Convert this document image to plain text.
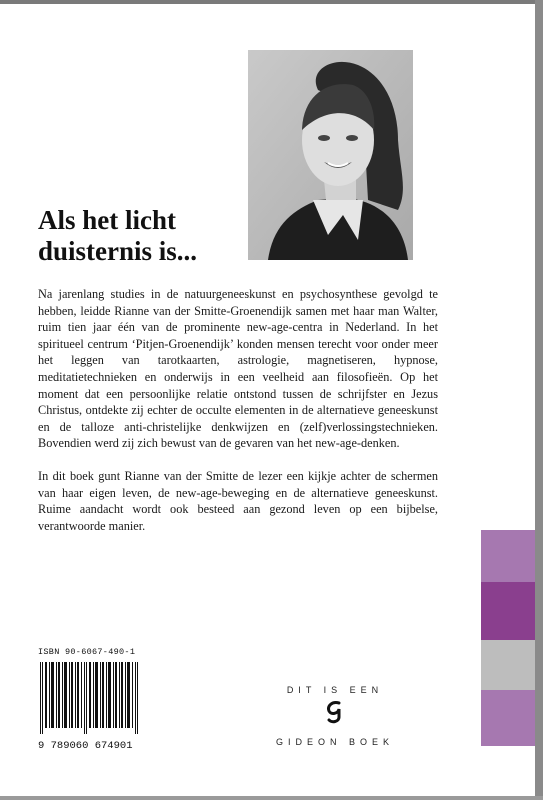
Als het licht
duisternis is...

Na jarenlang studies in de natuurgeneeskunst en psychosynthese gevolgd te hebben, leidde Rianne van der Smitte-Groenendijk samen met haar man Walter, ruim tien jaar één van de prominente new-age-centra in Nederland. In het spiritueel centrum ‘Pitjen-Groenendijk’ konden mensen terecht voor onder meer het leggen van tarotkaarten, astrologie, magnetiseren, hypnose, meditatietechnieken en onderwijs in een veelheid aan filosofieën. Op het moment dat een persoonlijke relatie ontstond tussen de schrijfster en Jezus Christus, ontdekte zij echter de occulte elementen in de alternatieve geneeskunst en de talloze anti-christelijke denkwijzen en (zelf)verlossingstechnieken. Bovendien werd zij zich bewust van de gevaren van het new-age-denken.

In dit boek gunt Rianne van der Smitte de lezer een kijkje achter de schermen van haar eigen leven, de new-age-beweging en de alternatieve geneeskunst. Ruime aandacht wordt ook besteed aan gezond leven op een bijbelse, verantwoorde manier.

ISBN 90-6067-490-1
9 789060 674901
DIT IS EEN
GIDEON BOEK
